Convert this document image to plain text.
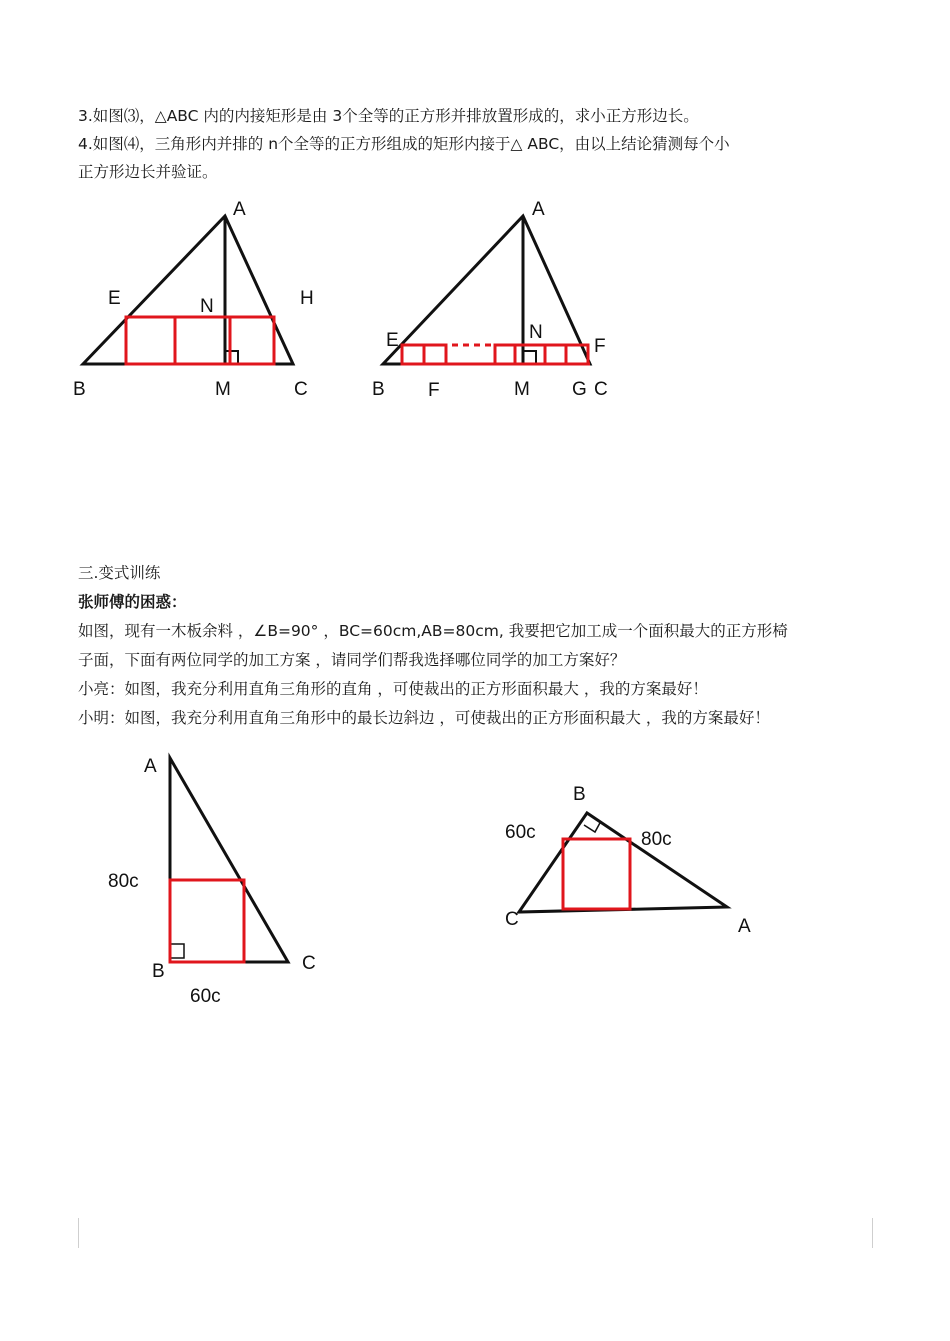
3.如图⑶，△ABC 内的内接矩形是由 3个全等的正方形并排放置形成的，求小正方形边长。
4.如图⑷，三角形内并排的 n个全等的正方形组成的矩形内接于△ ABC，由以上结论猜测每个小
正方形边长并验证。
A
E	N	H
B	M	C
A
E	N
F
B F	M G C
三.变式训练
张师傅的困惑：
如图，现有一木板余料 ，∠B=90° ，BC=60cm,AB=80cm, 我要把它加工成一个面积最大的正方形椅
子面，下面有两位同学的加工方案 ，请同学们帮我选择哪位同学的加工方案好？
小亮：如图，我充分利用直角三角形的直角 ，可使裁出的正方形面积最大 ，我的方案最好！
小明：如图，我充分利用直角三角形中的最长边斜边 ，可使裁出的正方形面积最大 ，我的方案最好！
A
80c
B	C
60c
B
60c	80c
C	A
